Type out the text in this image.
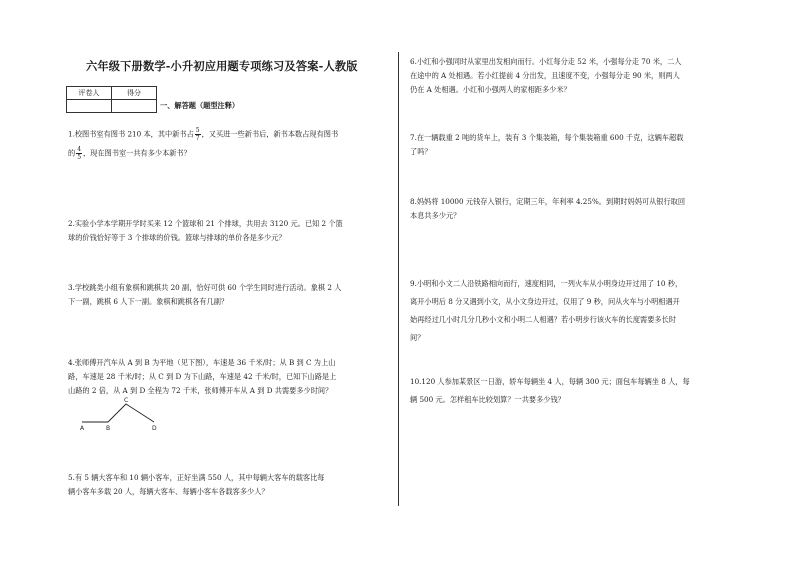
六年级下册数学-小升初应用题专项练习及答案-人教版
评卷人	得分

一、解答题（题型注释）
1.校图书室有图书 210 本，其中新书占 $\frac{5}{7}$ ，又买进一些新书后，新书本数占现有图书
的 $\frac{4}{5}$ ，现在图书室一共有多少本新书？
2.实验小学本学期开学时买来 12 个篮球和 21 个排球，共用去 3120 元。已知 2 个篮
球的价钱恰好等于 3 个排球的价钱。篮球与排球的单价各是多少元？
3.学校跳类小组有象棋和跳棋共 20 副，恰好可供 60 个学生同时进行活动。象棋 2 人
下一副，跳棋 6 人下一副。象棋和跳棋各有几副？
4.张师傅开汽车从 A 到 B 为平地（见下图），车速是 36 千米/时；从 B 到 C 为上山
路，车速是 28 千米/时；从 C 到 D 为下山路，车速是 42 千米/时，已知下山路是上
山路的 2 倍，从 A 到 D 全程为 72 千米，张师傅开车从 A 到 D 共需要多少时间？
A	B
C
D
5.有 5 辆大客车和 10 辆小客车，正好坐满 550 人，其中每辆大客车的载客比每
辆小客车多载 20 人，每辆大客车、每辆小客车各载客多少人？
6.小红和小强同时从家里出发相向而行。小红每分走 52 米，小强每分走 70 米，二人
在途中的 A 处相遇。若小红提前 4 分出发，且速度不变，小强每分走 90 米，则两人
仍在 A 处相遇。小红和小强两人的家相距多少米？
7.在一辆载重 2 吨的货车上，装有 3 个集装箱，每个集装箱重 600 千克，这辆车超载
了吗？
8.妈妈将 10000 元钱存入银行，定期三年，年利率 4.25%。到期时妈妈可从银行取回
本息共多少元？
9.小明和小文二人沿铁路相向而行，速度相同，一列火车从小明身边开过用了 10 秒，
离开小明后 8 分又遇到小文，从小文身边开过，仅用了 9 秒，问从火车与小明相遇开
始再经过几小时几分几秒小文和小明二人相遇？若小明步行该火车的长度需要多长时
间？
10.120 人参加某景区一日游，轿车每辆坐 4 人，每辆 300 元；面包车每辆坐 8 人，每
辆 500 元。怎样租车比较划算？一共要多少钱？
